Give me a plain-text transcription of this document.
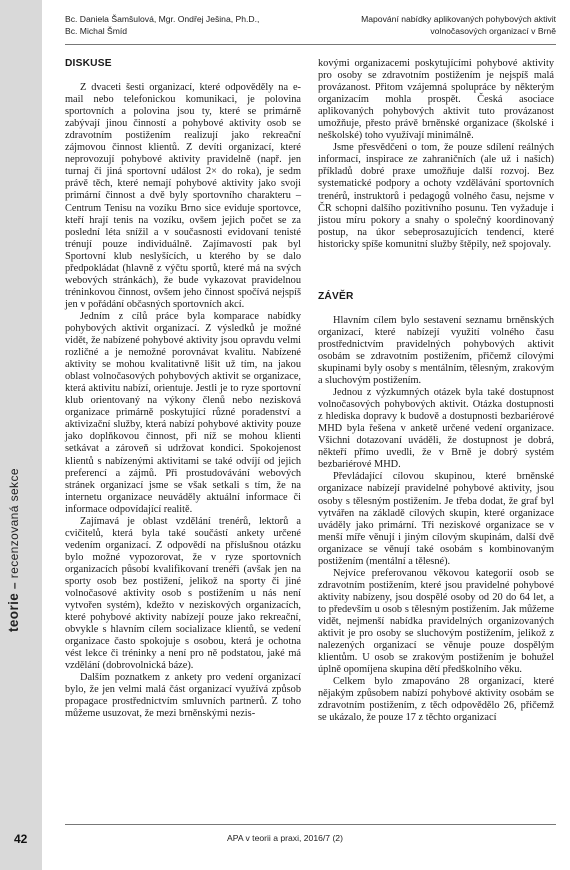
teorie – recenzovaná sekce
Bc. Daniela Šamšulová, Mgr. Ondřej Ješina, Ph.D.,
Bc. Michal Šmíd
Mapování nabídky aplikovaných pohybových aktivit
volnočasových organizací v Brně
DISKUSE

Z dvaceti šesti organizací, které odpověděly na e-mail nebo telefonickou komunikaci, je polovina sportovních a polovina jsou ty, které se primárně zabývají jinou činností a pohybové aktivity osob se zdravotním postižením realizují jako rekreační zájmovou činnost klientů. Z devíti organizací, které neprovozují pohybové aktivity pravidelně (např. jen turnaj či jiná sportovní událost 2× do roka), je sedm právě těch, které nemají pohybové aktivity jako svoji primární činnost a dvě byly sportovního charakteru – Centrum Tenisu na vozíku Brno sice eviduje sportovce, kteří hrají tenis na vozíku, ovšem jejich počet se za poslední léta snížil a v současnosti evidovaní tenisté trénují pouze individuálně. Zajímavostí pak byl Sportovní klub neslyšících, u kterého by se dalo předpokládat (hlavně z výčtu sportů, které má na svých webových stránkách), že bude vykazovat pravidelnou tréninkovou činnost, ovšem jeho činnost spočívá nejspíš jen v pořádání občasných sportovních akcí.

Jedním z cílů práce byla komparace nabídky pohybových aktivit organizací. Z výsledků je možné vidět, že nabízené pohybové aktivity jsou opravdu velmi rozličné a je nemožné porovnávat kvalitu. Nabízené aktivity se mohou kvalitativně lišit už tím, na jakou oblast volnočasových pohybových aktivit se organizace, která aktivitu nabízí, orientuje. Jestli je to ryze sportovní klub orientovaný na výkony členů nebo nezisková organizace primárně poskytující různé poradenství a aktivizační služby, která nabízí pohybové aktivity pouze jako doplňkovou činnost, při níž se mohou klienti setkávat a zároveň si udržovat kondici. Spokojenost klientů s nabízenými aktivitami se také odvíjí od jejich preferencí a zájmů. Při prostudovávání webových stránek organizací jsme se však setkali s tím, že na internetu organizace neuváděly aktuální informace či informace odpovídající realitě.

Zajímavá je oblast vzdělání trenérů, lektorů a cvičitelů, která byla také součástí ankety určené vedením organizací. Z odpovědí na příslušnou otázku bylo možné vypozorovat, že v ryze sportovních organizacích působí kvalifikovaní trenéři (avšak jen na sporty osob bez postižení, jelikož na sporty či jiné volnočasové aktivity osob s postižením u nás není vytvořen systém), kdežto v neziskových organizacích, které pohybové aktivity nabízejí pouze jako rekreační, obvykle s hlavním cílem socializace klientů, se vedení organizace často spokojuje s osobou, která je ochotna vést lekce či tréninky a není pro ně podstatou, jaké má vzdělání (dobrovolnická báze).

Dalším poznatkem z ankety pro vedení organizací bylo, že jen velmi malá část organizací využívá způsob propagace prostřednictvím smluvních partnerů. Z toho můžeme usuzovat, že mezi brněnskými nezis-

kovými organizacemi poskytujícími pohybové aktivity pro osoby se zdravotním postižením je nejspíš malá provázanost. Přitom vzájemná spolupráce by některým organizacím mohla prospět. Česká asociace aplikovaných pohybových aktivit tuto provázanost umožňuje, přesto právě brněnské organizace (školské i neškolské) toho využívají minimálně.

Jsme přesvědčeni o tom, že pouze sdílení reálných informací, inspirace ze zahraničních (ale už i našich) příkladů dobré praxe umožňuje další rozvoj. Bez systematické podpory a ochoty vzdělávání sportovních trenérů, instruktorů i pedagogů volného času, nejsme v ČR schopni dalšího pozitivního posunu. Ten vyžaduje i jistou míru pokory a snahy o společný koordinovaný postup, na úkor sebeprosazujících tendencí, které historicky spíše komunitní služby štěpily, než spojovaly.

ZÁVĚR

Hlavním cílem bylo sestavení seznamu brněnských organizací, které nabízejí využití volného času prostřednictvím pravidelných pohybových aktivit osobám se zdravotním postižením, přičemž cílovými skupinami byly osoby s mentálním, tělesným, zrakovým a sluchovým postižením.

Jednou z výzkumných otázek byla také dostupnost volnočasových pohybových aktivit. Otázka dostupnosti z hlediska dopravy k budově a dostupnosti bezbariérové MHD byla řešena v anketě určené vedení organizace. Všichni dotazovaní uváděli, že dostupnost je dobrá, někteří přímo uvedli, že v Brně je dobrý systém bezbariérové MHD.

Převládající cílovou skupinou, které brněnské organizace nabízejí pravidelné pohybové aktivity, jsou osoby s tělesným postižením. Je třeba dodat, že graf byl vytvářen na základě cílových skupin, které organizace uváděly jako primární. Tři neziskové organizace se v menší míře věnují i jiným cílovým skupinám, další dvě organizace se věnují také osobám s kombinovaným postižením (mentální a tělesné).

Nejvíce preferovanou věkovou kategorií osob se zdravotním postižením, které jsou pravidelné pohybové aktivity nabízeny, jsou dospělé osoby od 20 do 64 let, a to především u osob s tělesným postižením. Jak můžeme vidět, nejmenší nabídka pravidelných organizovaných aktivit je pro osoby se sluchovým postižením, jelikož z nalezených organizací se věnuje pouze dospělým klientům. U osob se zrakovým postižením je bohužel úplně opomíjena skupina dětí předškolního věku.

Celkem bylo zmapováno 28 organizací, které nějakým způsobem nabízí pohybové aktivity osobám se zdravotním postižením, z těch odpovědělo 26, přičemž se ukázalo, že pouze 17 z těchto organizací

42	APA v teorii a praxi, 2016/7 (2)
